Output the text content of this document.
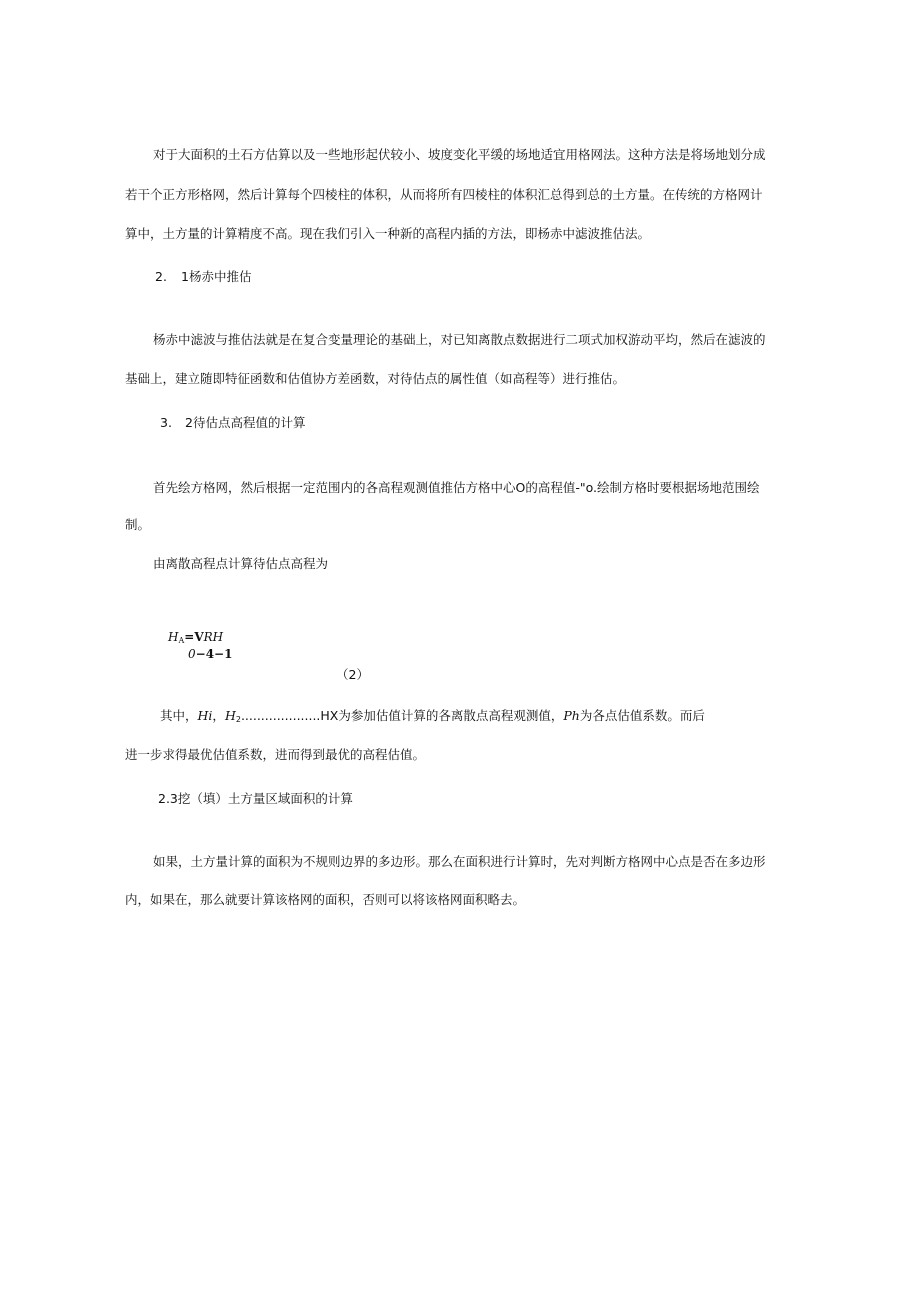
对于大面积的土石方估算以及一些地形起伏较小、坡度变化平缓的场地适宜用格网法。这种方法是将场地划分成
若干个正方形格网，然后计算每个四棱柱的体积，从而将所有四棱柱的体积汇总得到总的土方量。在传统的方格网计
算中，土方量的计算精度不高。现在我们引入一种新的高程内插的方法，即杨赤中滤波推估法。
2. 1杨赤中推估
杨赤中滤波与推估法就是在复合变量理论的基础上，对已知离散点数据进行二项式加权游动平均，然后在滤波的
基础上，建立随即特征函数和估值协方差函数，对待估点的属性值（如高程等）进行推估。
3. 2待估点高程值的计算
首先绘方格网，然后根据一定范围内的各高程观测值推估方格中心O的高程值-"o.绘制方格时要根据场地范围绘
制。
由离散高程点计算待估点高程为
$H_A=VRH$
0−4−1
（2）
其中，Hi，$H_2....................HX$为参加估值计算的各离散点高程观测值，Ph为各点估值系数。而后
进一步求得最优估值系数，进而得到最优的高程估值。
2.3挖（填）土方量区域面积的计算
如果，土方量计算的面积为不规则边界的多边形。那么在面积进行计算时，先对判断方格网中心点是否在多边形
内，如果在，那么就要计算该格网的面积，否则可以将该格网面积略去。
